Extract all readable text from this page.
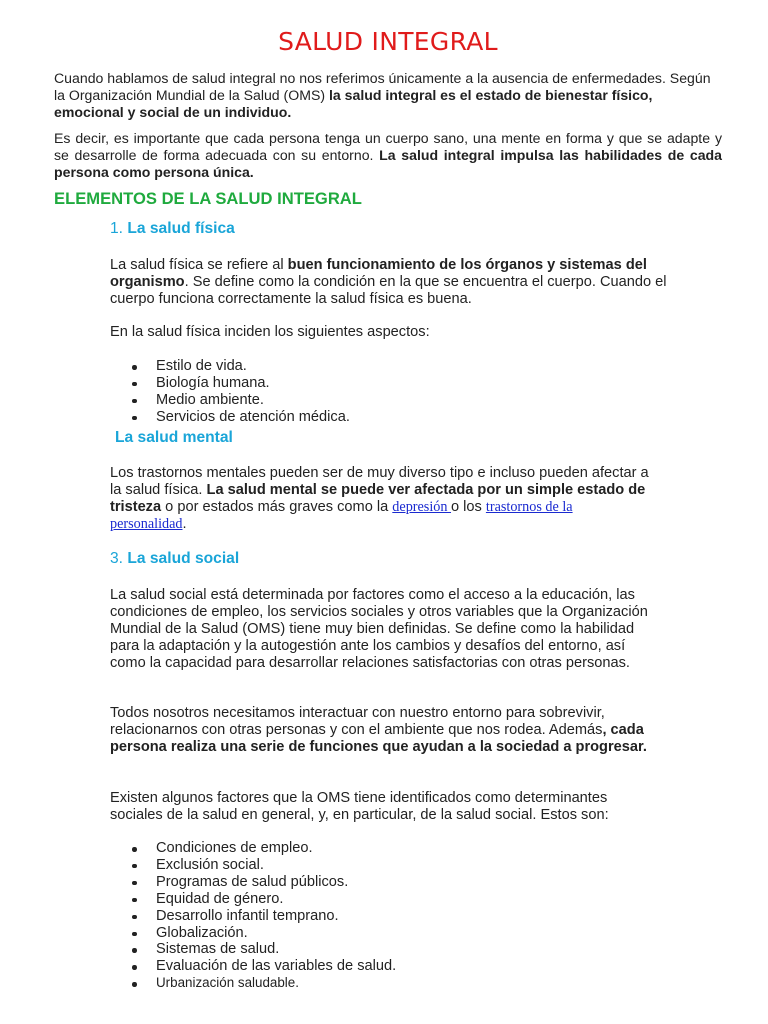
SALUD INTEGRAL
Cuando hablamos de salud integral no nos referimos únicamente a la ausencia de enfermedades. Según la Organización Mundial de la Salud (OMS) la salud integral es el estado de bienestar físico, emocional y social de un individuo.
Es decir, es importante que cada persona tenga un cuerpo sano, una mente en forma y que se adapte y se desarrolle de forma adecuada con su entorno. La salud integral impulsa las habilidades de cada persona como persona única.
ELEMENTOS DE LA SALUD INTEGRAL
1. La salud física
La salud física se refiere al buen funcionamiento de los órganos y sistemas del organismo. Se define como la condición en la que se encuentra el cuerpo. Cuando el cuerpo funciona correctamente la salud física es buena.
En la salud física inciden los siguientes aspectos:
Estilo de vida.
Biología humana.
Medio ambiente.
Servicios de atención médica.
La salud mental
Los trastornos mentales pueden ser de muy diverso tipo e incluso pueden afectar a la salud física. La salud mental se puede ver afectada por un simple estado de tristeza o por estados más graves como la depresión o los trastornos de la personalidad.
3. La salud social
La salud social está determinada por factores como el acceso a la educación, las condiciones de empleo, los servicios sociales y otros variables que la Organización Mundial de la Salud (OMS) tiene muy bien definidas. Se define como la habilidad para la adaptación y la autogestión ante los cambios y desafíos del entorno, así como la capacidad para desarrollar relaciones satisfactorias con otras personas.
Todos nosotros necesitamos interactuar con nuestro entorno para sobrevivir, relacionarnos con otras personas y con el ambiente que nos rodea. Además, cada persona realiza una serie de funciones que ayudan a la sociedad a progresar.
Existen algunos factores que la OMS tiene identificados como determinantes sociales de la salud en general, y, en particular, de la salud social. Estos son:
Condiciones de empleo.
Exclusión social.
Programas de salud públicos.
Equidad de género.
Desarrollo infantil temprano.
Globalización.
Sistemas de salud.
Evaluación de las variables de salud.
Urbanización saludable.
